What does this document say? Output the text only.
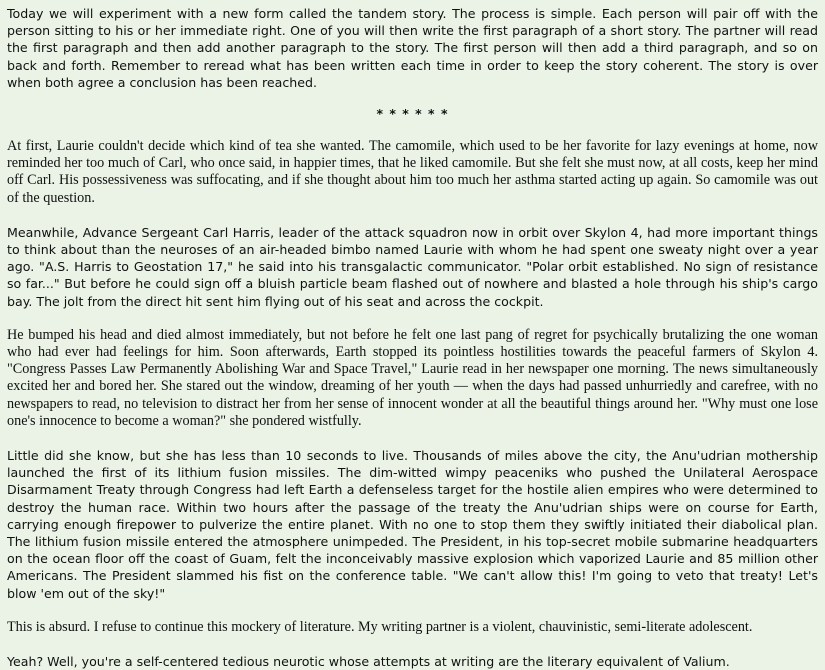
Today we will experiment with a new form called the tandem story. The process is simple. Each person will pair off with the person sitting to his or her immediate right. One of you will then write the first paragraph of a short story. The partner will read the first paragraph and then add another paragraph to the story. The first person will then add a third paragraph, and so on back and forth. Remember to reread what has been written each time in order to keep the story coherent. The story is over when both agree a conclusion has been reached.

* * * * * *

At first, Laurie couldn't decide which kind of tea she wanted. The camomile, which used to be her favorite for lazy evenings at home, now reminded her too much of Carl, who once said, in happier times, that he liked camomile. But she felt she must now, at all costs, keep her mind off Carl. His possessiveness was suffocating, and if she thought about him too much her asthma started acting up again. So camomile was out of the question.

Meanwhile, Advance Sergeant Carl Harris, leader of the attack squadron now in orbit over Skylon 4, had more important things to think about than the neuroses of an air-headed bimbo named Laurie with whom he had spent one sweaty night over a year ago. "A.S. Harris to Geostation 17," he said into his transgalactic communicator. "Polar orbit established. No sign of resistance so far..." But before he could sign off a bluish particle beam flashed out of nowhere and blasted a hole through his ship's cargo bay. The jolt from the direct hit sent him flying out of his seat and across the cockpit.

He bumped his head and died almost immediately, but not before he felt one last pang of regret for psychically brutalizing the one woman who had ever had feelings for him. Soon afterwards, Earth stopped its pointless hostilities towards the peaceful farmers of Skylon 4. "Congress Passes Law Permanently Abolishing War and Space Travel," Laurie read in her newspaper one morning. The news simultaneously excited her and bored her. She stared out the window, dreaming of her youth — when the days had passed unhurriedly and carefree, with no newspapers to read, no television to distract her from her sense of innocent wonder at all the beautiful things around her. "Why must one lose one's innocence to become a woman?" she pondered wistfully.

Little did she know, but she has less than 10 seconds to live. Thousands of miles above the city, the Anu'udrian mothership launched the first of its lithium fusion missiles. The dim-witted wimpy peaceniks who pushed the Unilateral Aerospace Disarmament Treaty through Congress had left Earth a defenseless target for the hostile alien empires who were determined to destroy the human race. Within two hours after the passage of the treaty the Anu'udrian ships were on course for Earth, carrying enough firepower to pulverize the entire planet. With no one to stop them they swiftly initiated their diabolical plan. The lithium fusion missile entered the atmosphere unimpeded. The President, in his top-secret mobile submarine headquarters on the ocean floor off the coast of Guam, felt the inconceivably massive explosion which vaporized Laurie and 85 million other Americans. The President slammed his fist on the conference table. "We can't allow this! I'm going to veto that treaty! Let's blow 'em out of the sky!"

This is absurd. I refuse to continue this mockery of literature. My writing partner is a violent, chauvinistic, semi-literate adolescent.

Yeah? Well, you're a self-centered tedious neurotic whose attempts at writing are the literary equivalent of Valium.
